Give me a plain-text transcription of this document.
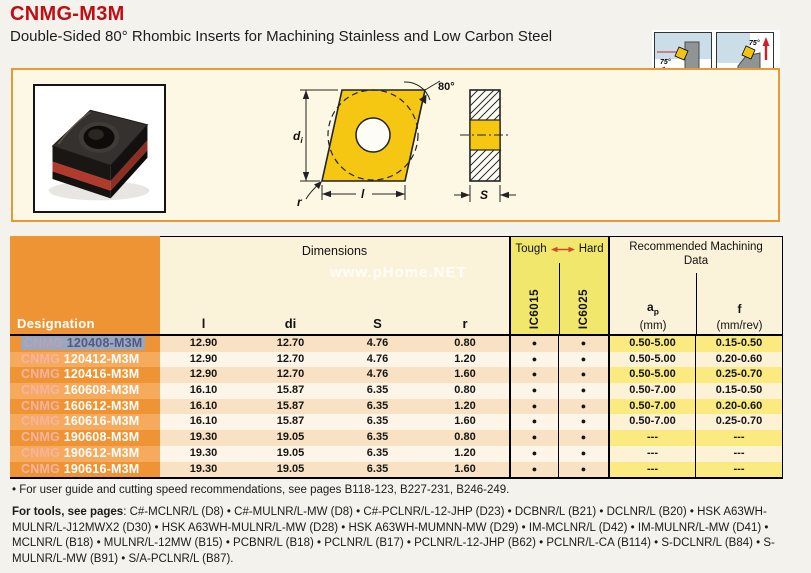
CNMG-M3M
Double-Sided 80° Rhombic Inserts for Machining Stainless and Low Carbon Steel
75°
75°
80°
$d_i$
l
r	S
Designation
Dimensions
l	di	S	r
Tough	Hard
IC6015	IC6025
Recommended Machining
Data
$a_p$
(mm)
f
(mm/rev)
CNMG 120408-M3M	12.90	12.70	4.76	0.80	●	●	0.50-5.00	0.15-0.50
CNMG 120412-M3M	12.90	12.70	4.76	1.20	●	●	0.50-5.00	0.20-0.60
CNMG 120416-M3M	12.90	12.70	4.76	1.60	●	●	0.50-5.00	0.25-0.70
CNMG 160608-M3M	16.10	15.87	6.35	0.80	●	●	0.50-7.00	0.15-0.50
CNMG 160612-M3M	16.10	15.87	6.35	1.20	●	●	0.50-7.00	0.20-0.60
CNMG 160616-M3M	16.10	15.87	6.35	1.60	●	●	0.50-7.00	0.25-0.70
CNMG 190608-M3M	19.30	19.05	6.35	0.80	●	●	---	---
CNMG 190612-M3M	19.30	19.05	6.35	1.20	●	●	---	---
CNMG 190616-M3M	19.30	19.05	6.35	1.60	●	●	---	---
www.pHome.NET
• For user guide and cutting speed recommendations, see pages B118-123, B227-231, B246-249.
For tools, see pages: C#-MCLNR/L (D8) • C#-MULNR/L-MW (D8) • C#-PCLNR/L-12-JHP (D23) • DCBNR/L (B21) • DCLNR/L (B20) • HSK A63WH-MULNR/L-J12MWX2 (D30) • HSK A63WH-MULNR/L-MW (D28) • HSK A63WH-MUMNN-MW (D29) • IM-MCLNR/L (D42) • IM-MULNR/L-MW (D41) • MCLNR/L (B18) • MULNR/L-12MW (B15) • PCBNR/L (B18) • PCLNR/L (B17) • PCLNR/L-12-JHP (B62) • PCLNR/L-CA (B114) • S-DCLNR/L (B84) • S-MULNR/L-MW (B91) • S/A-PCLNR/L (B87).
